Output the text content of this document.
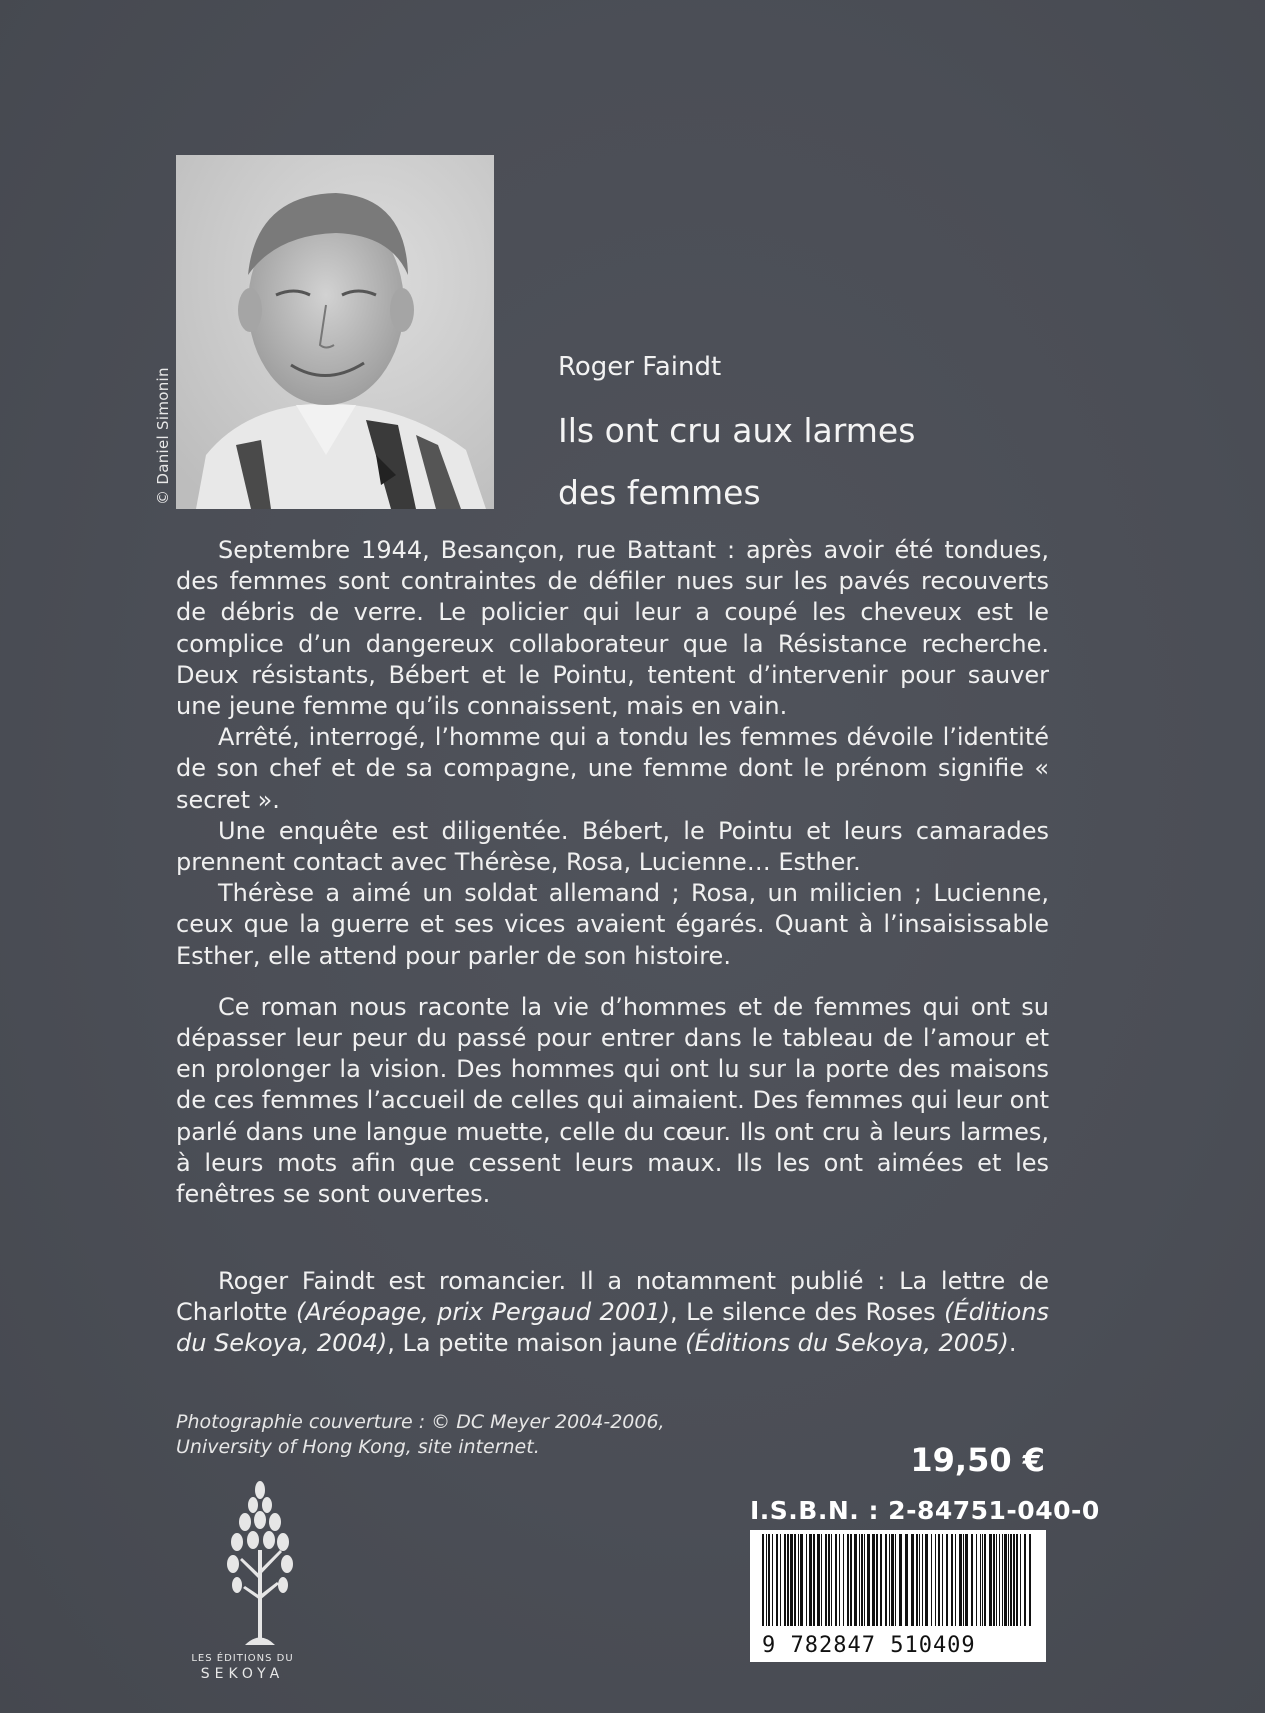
© Daniel Simonin
Roger Faindt
Ils ont cru aux larmes
des femmes

Septembre 1944, Besançon, rue Battant : après avoir été tondues, des femmes sont contraintes de défiler nues sur les pavés recouverts de débris de verre. Le policier qui leur a coupé les cheveux est le complice d’un dangereux collaborateur que la Résistance recherche. Deux résistants, Bébert et le Pointu, tentent d’intervenir pour sauver une jeune femme qu’ils connaissent, mais en vain.

Arrêté, interrogé, l’homme qui a tondu les femmes dévoile l’identité de son chef et de sa compagne, une femme dont le prénom signifie « secret ».

Une enquête est diligentée. Bébert, le Pointu et leurs camarades prennent contact avec Thérèse, Rosa, Lucienne… Esther.

Thérèse a aimé un soldat allemand ; Rosa, un milicien ; Lucienne, ceux que la guerre et ses vices avaient égarés. Quant à l’insaisissable Esther, elle attend pour parler de son histoire.

Ce roman nous raconte la vie d’hommes et de femmes qui ont su dépasser leur peur du passé pour entrer dans le tableau de l’amour et en prolonger la vision. Des hommes qui ont lu sur la porte des maisons de ces femmes l’accueil de celles qui aimaient. Des femmes qui leur ont parlé dans une langue muette, celle du cœur. Ils ont cru à leurs larmes, à leurs mots afin que cessent leurs maux. Ils les ont aimées et les fenêtres se sont ouvertes.

Roger Faindt est romancier. Il a notamment publié : La lettre de Charlotte (Aréopage, prix Pergaud 2001), Le silence des Roses (Éditions du Sekoya, 2004), La petite maison jaune (Éditions du Sekoya, 2005).
Photographie couverture : © DC Meyer 2004-2006,
University of Hong Kong, site internet.	19,50 €
I.S.B.N. : 2-84751-040-0
9 782847 510409
LES ÉDITIONS DU
SEKOYA
